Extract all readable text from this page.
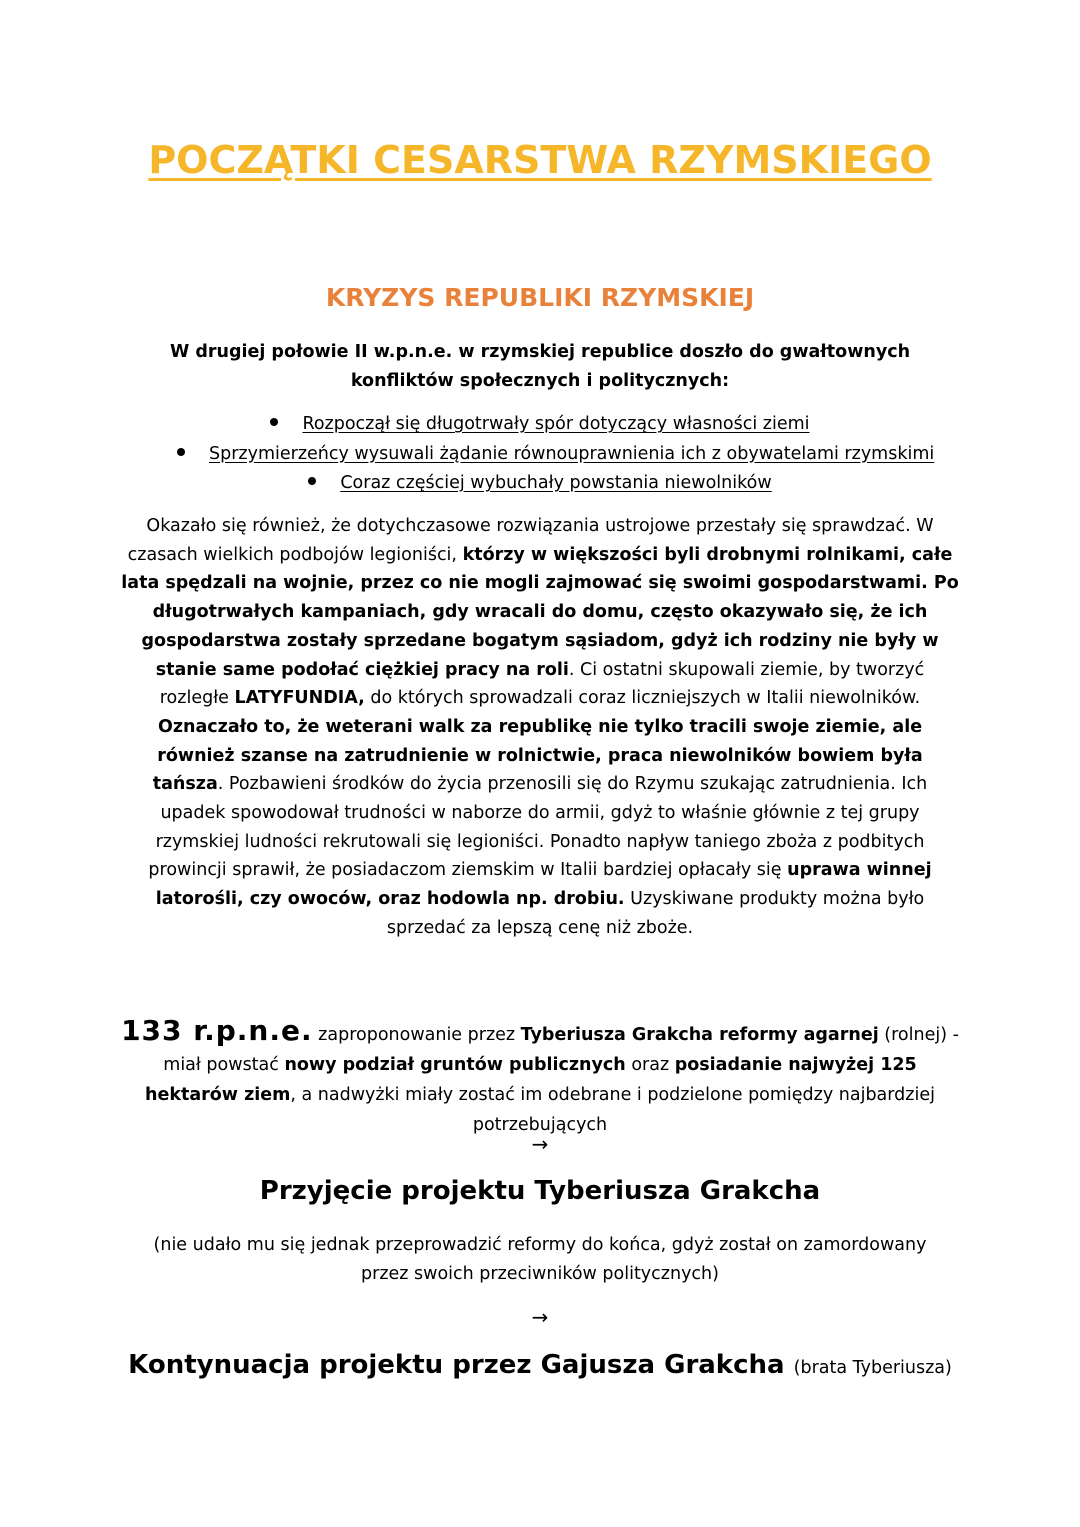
POCZĄTKI CESARSTWA RZYMSKIEGO
KRYZYS REPUBLIKI RZYMSKIEJ
W drugiej połowie II w.p.n.e. w rzymskiej republice doszło do gwałtownych konfliktów społecznych i politycznych:
Rozpoczął się długotrwały spór dotyczący własności ziemi
Sprzymierzeńcy wysuwali żądanie równouprawnienia ich z obywatelami rzymskimi
Coraz częściej wybuchały powstania niewolników
Okazało się również, że dotychczasowe rozwiązania ustrojowe przestały się sprawdzać. W czasach wielkich podbojów legioniści, którzy w większości byli drobnymi rolnikami, całe lata spędzali na wojnie, przez co nie mogli zajmować się swoimi gospodarstwami. Po długotrwałych kampaniach, gdy wracali do domu, często okazywało się, że ich gospodarstwa zostały sprzedane bogatym sąsiadom, gdyż ich rodziny nie były w stanie same podołać ciężkiej pracy na roli. Ci ostatni skupowali ziemie, by tworzyć rozległe LATYFUNDIA, do których sprowadzali coraz liczniejszych w Italii niewolników. Oznaczało to, że weterani walk za republikę nie tylko tracili swoje ziemie, ale również szanse na zatrudnienie w rolnictwie, praca niewolników bowiem była tańsza. Pozbawieni środków do życia przenosili się do Rzymu szukając zatrudnienia. Ich upadek spowodował trudności w naborze do armii, gdyż to właśnie głównie z tej grupy rzymskiej ludności rekrutowali się legioniści. Ponadto napływ taniego zboża z podbitych prowincji sprawił, że posiadaczom ziemskim w Italii bardziej opłacały się uprawa winnej latorośli, czy owoców, oraz hodowla np. drobiu. Uzyskiwane produkty można było sprzedać za lepszą cenę niż zboże.
133 r.p.n.e. zaproponowanie przez Tyberiusza Grakcha reformy agarnej (rolnej) - miał powstać nowy podział gruntów publicznych oraz posiadanie najwyżej 125 hektarów ziem, a nadwyżki miały zostać im odebrane i podzielone pomiędzy najbardziej potrzebujących
→
Przyjęcie projektu Tyberiusza Grakcha
(nie udało mu się jednak przeprowadzić reformy do końca, gdyż został on zamordowany przez swoich przeciwników politycznych)
→
Kontynuacja projektu przez Gajusza Grakcha (brata Tyberiusza)
